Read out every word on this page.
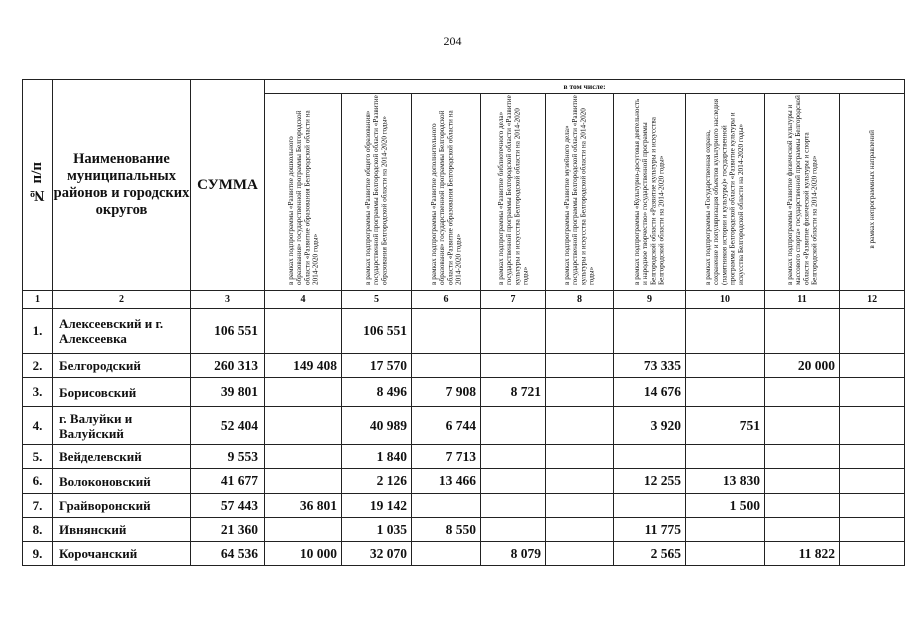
204
№ п/п	Наименование муниципальных районов и городских округов	СУММА	в том числе:								
			в рамках подпрограммы «Развитие дошкольного образования» государственной программы Белгородской области «Развитие образования Белгородской области на 2014-2020 годы»	в рамках подпрограммы «Развитие общего образования» государственной программы Белгородской области «Развитие образования Белгородской области на 2014-2020 годы»	в рамках подпрограммы «Развитие дополнительного образования» государственной программы Белгородской области «Развитие образования Белгородской области на 2014-2020 годы»	в рамках подпрограммы «Развитие библиотечного дела» государственной программы Белгородской области «Развитие культуры и искусства Белгородской области на 2014-2020 годы»	в рамках подпрограммы «Развитие музейного дела» государственной программы Белгородской области «Развитие культуры и искусства Белгородской области на 2014-2020 годы»	в рамках подпрограммы «Культурно-досуговая деятельность и народное творчество» государственной программы Белгородской области «Развитие культуры и искусства Белгородской области на 2014-2020 годы»	в рамках подпрограммы «Государственная охрана, сохранение и популяризация объектов культурного наследия (памятников истории и культуры)» государственной программы Белгородской области «Развитие культуры и искусства Белгородской области на 2014-2020 годы»	в рамках подпрограммы «Развитие физической культуры и массового спорта» государственной программы Белгородской области «Развитие физической культуры и спорта Белгородской области на 2014-2020 годы»	в рамках непрограммных направлений
1	2	3	4	5	6	7	8	9	10	11	12
1.	Алексеевский и г. Алексеевка	106 551		106 551							
2.	Белгородский	260 313	149 408	17 570				73 335		20 000	
3.	Борисовский	39 801		8 496	7 908	8 721		14 676			
4.	г. Валуйки и Валуйский	52 404		40 989	6 744			3 920	751		
5.	Вейделевский	9 553		1 840	7 713						
6.	Волоконовский	41 677		2 126	13 466			12 255	13 830		
7.	Грайворонский	57 443	36 801	19 142					1 500		
8.	Ивнянский	21 360		1 035	8 550			11 775			
9.	Корочанский	64 536	10 000	32 070		8 079		2 565		11 822	
